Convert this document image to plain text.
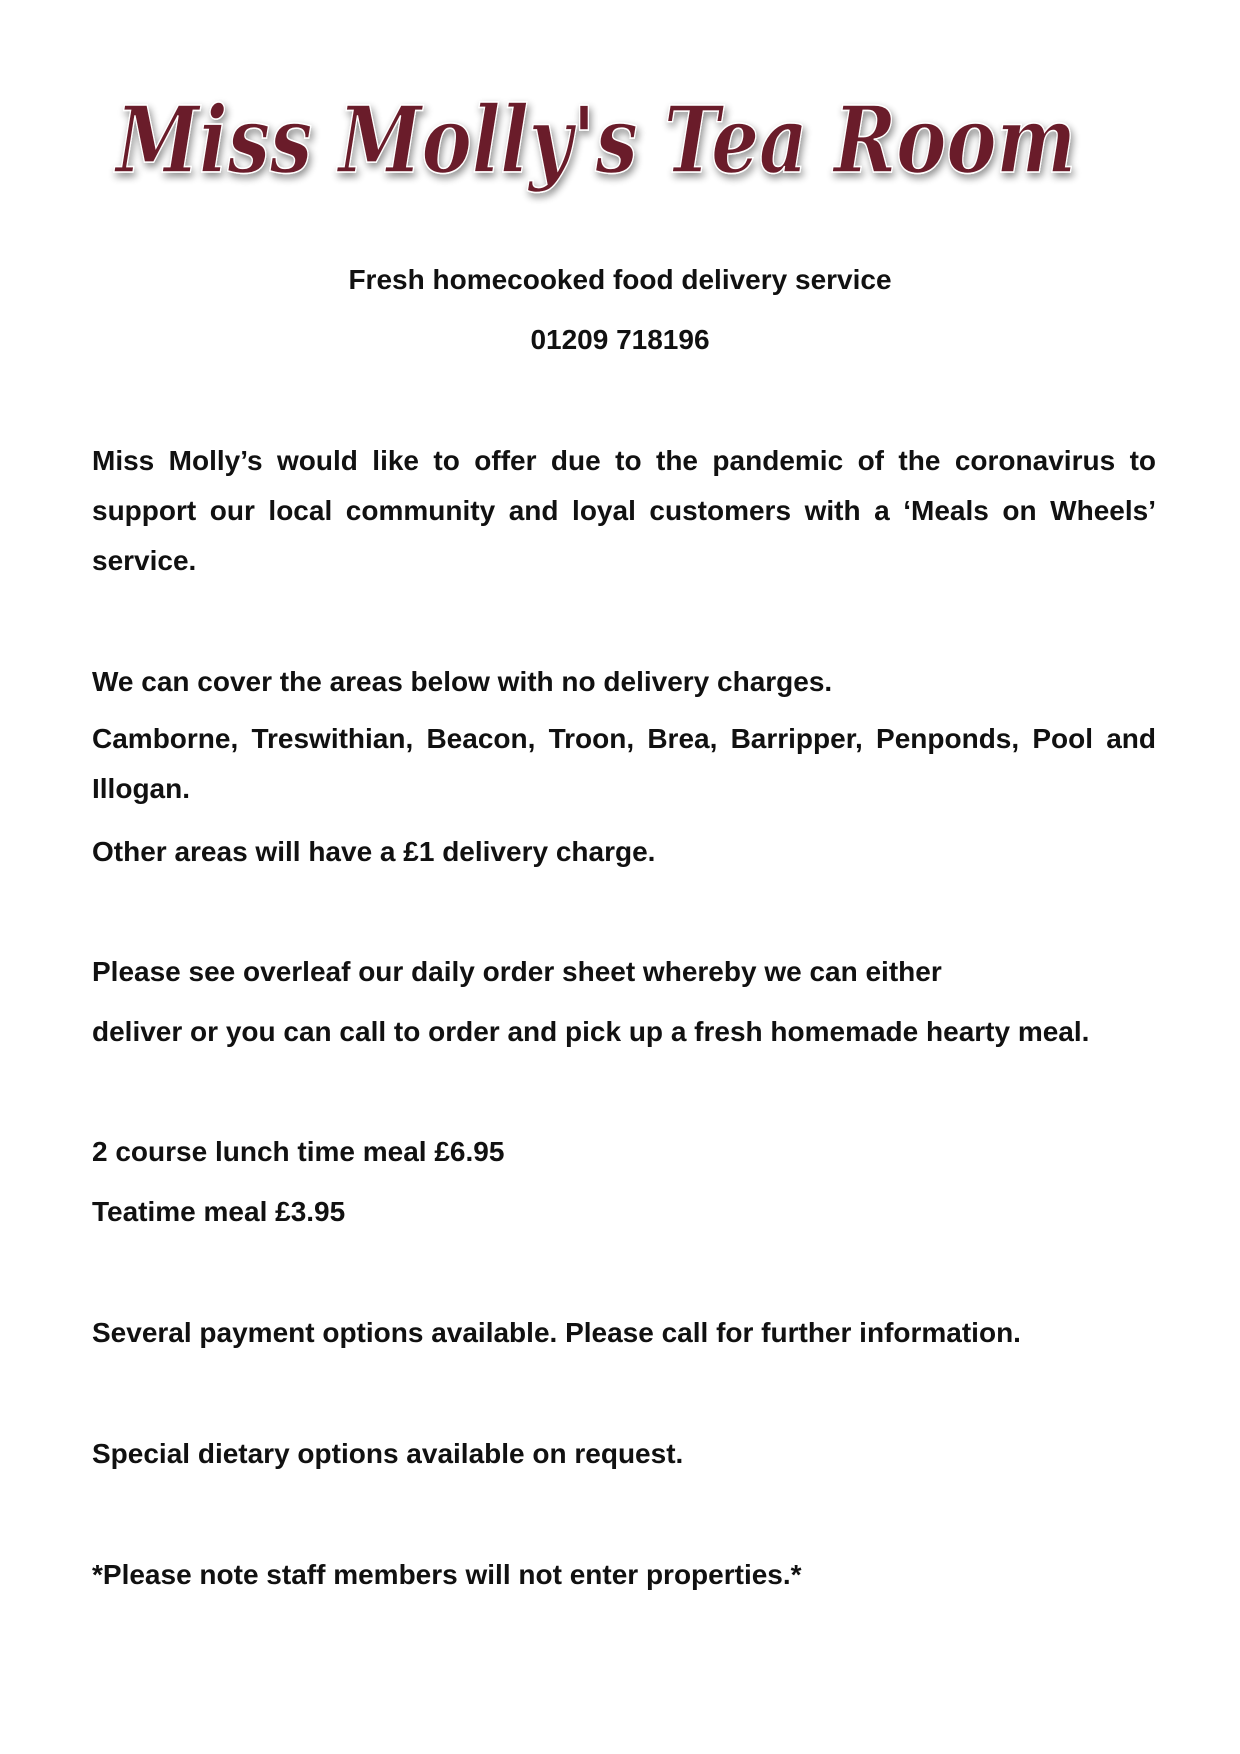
Miss Molly's Tea Room
Fresh homecooked food delivery service
01209 718196
Miss Molly’s would like to offer due to the pandemic of the coronavirus to support our local community and loyal customers with a ‘Meals on Wheels’ service.
We can cover the areas below with no delivery charges.
Camborne, Treswithian, Beacon, Troon, Brea, Barripper, Penponds, Pool and Illogan.
Other areas will have a £1 delivery charge.
Please see overleaf our daily order sheet whereby we can either
deliver or you can call to order and pick up a fresh homemade hearty meal.
2 course lunch time meal £6.95
Teatime meal £3.95
Several payment options available. Please call for further information.
Special dietary options available on request.
*Please note staff members will not enter properties.*
